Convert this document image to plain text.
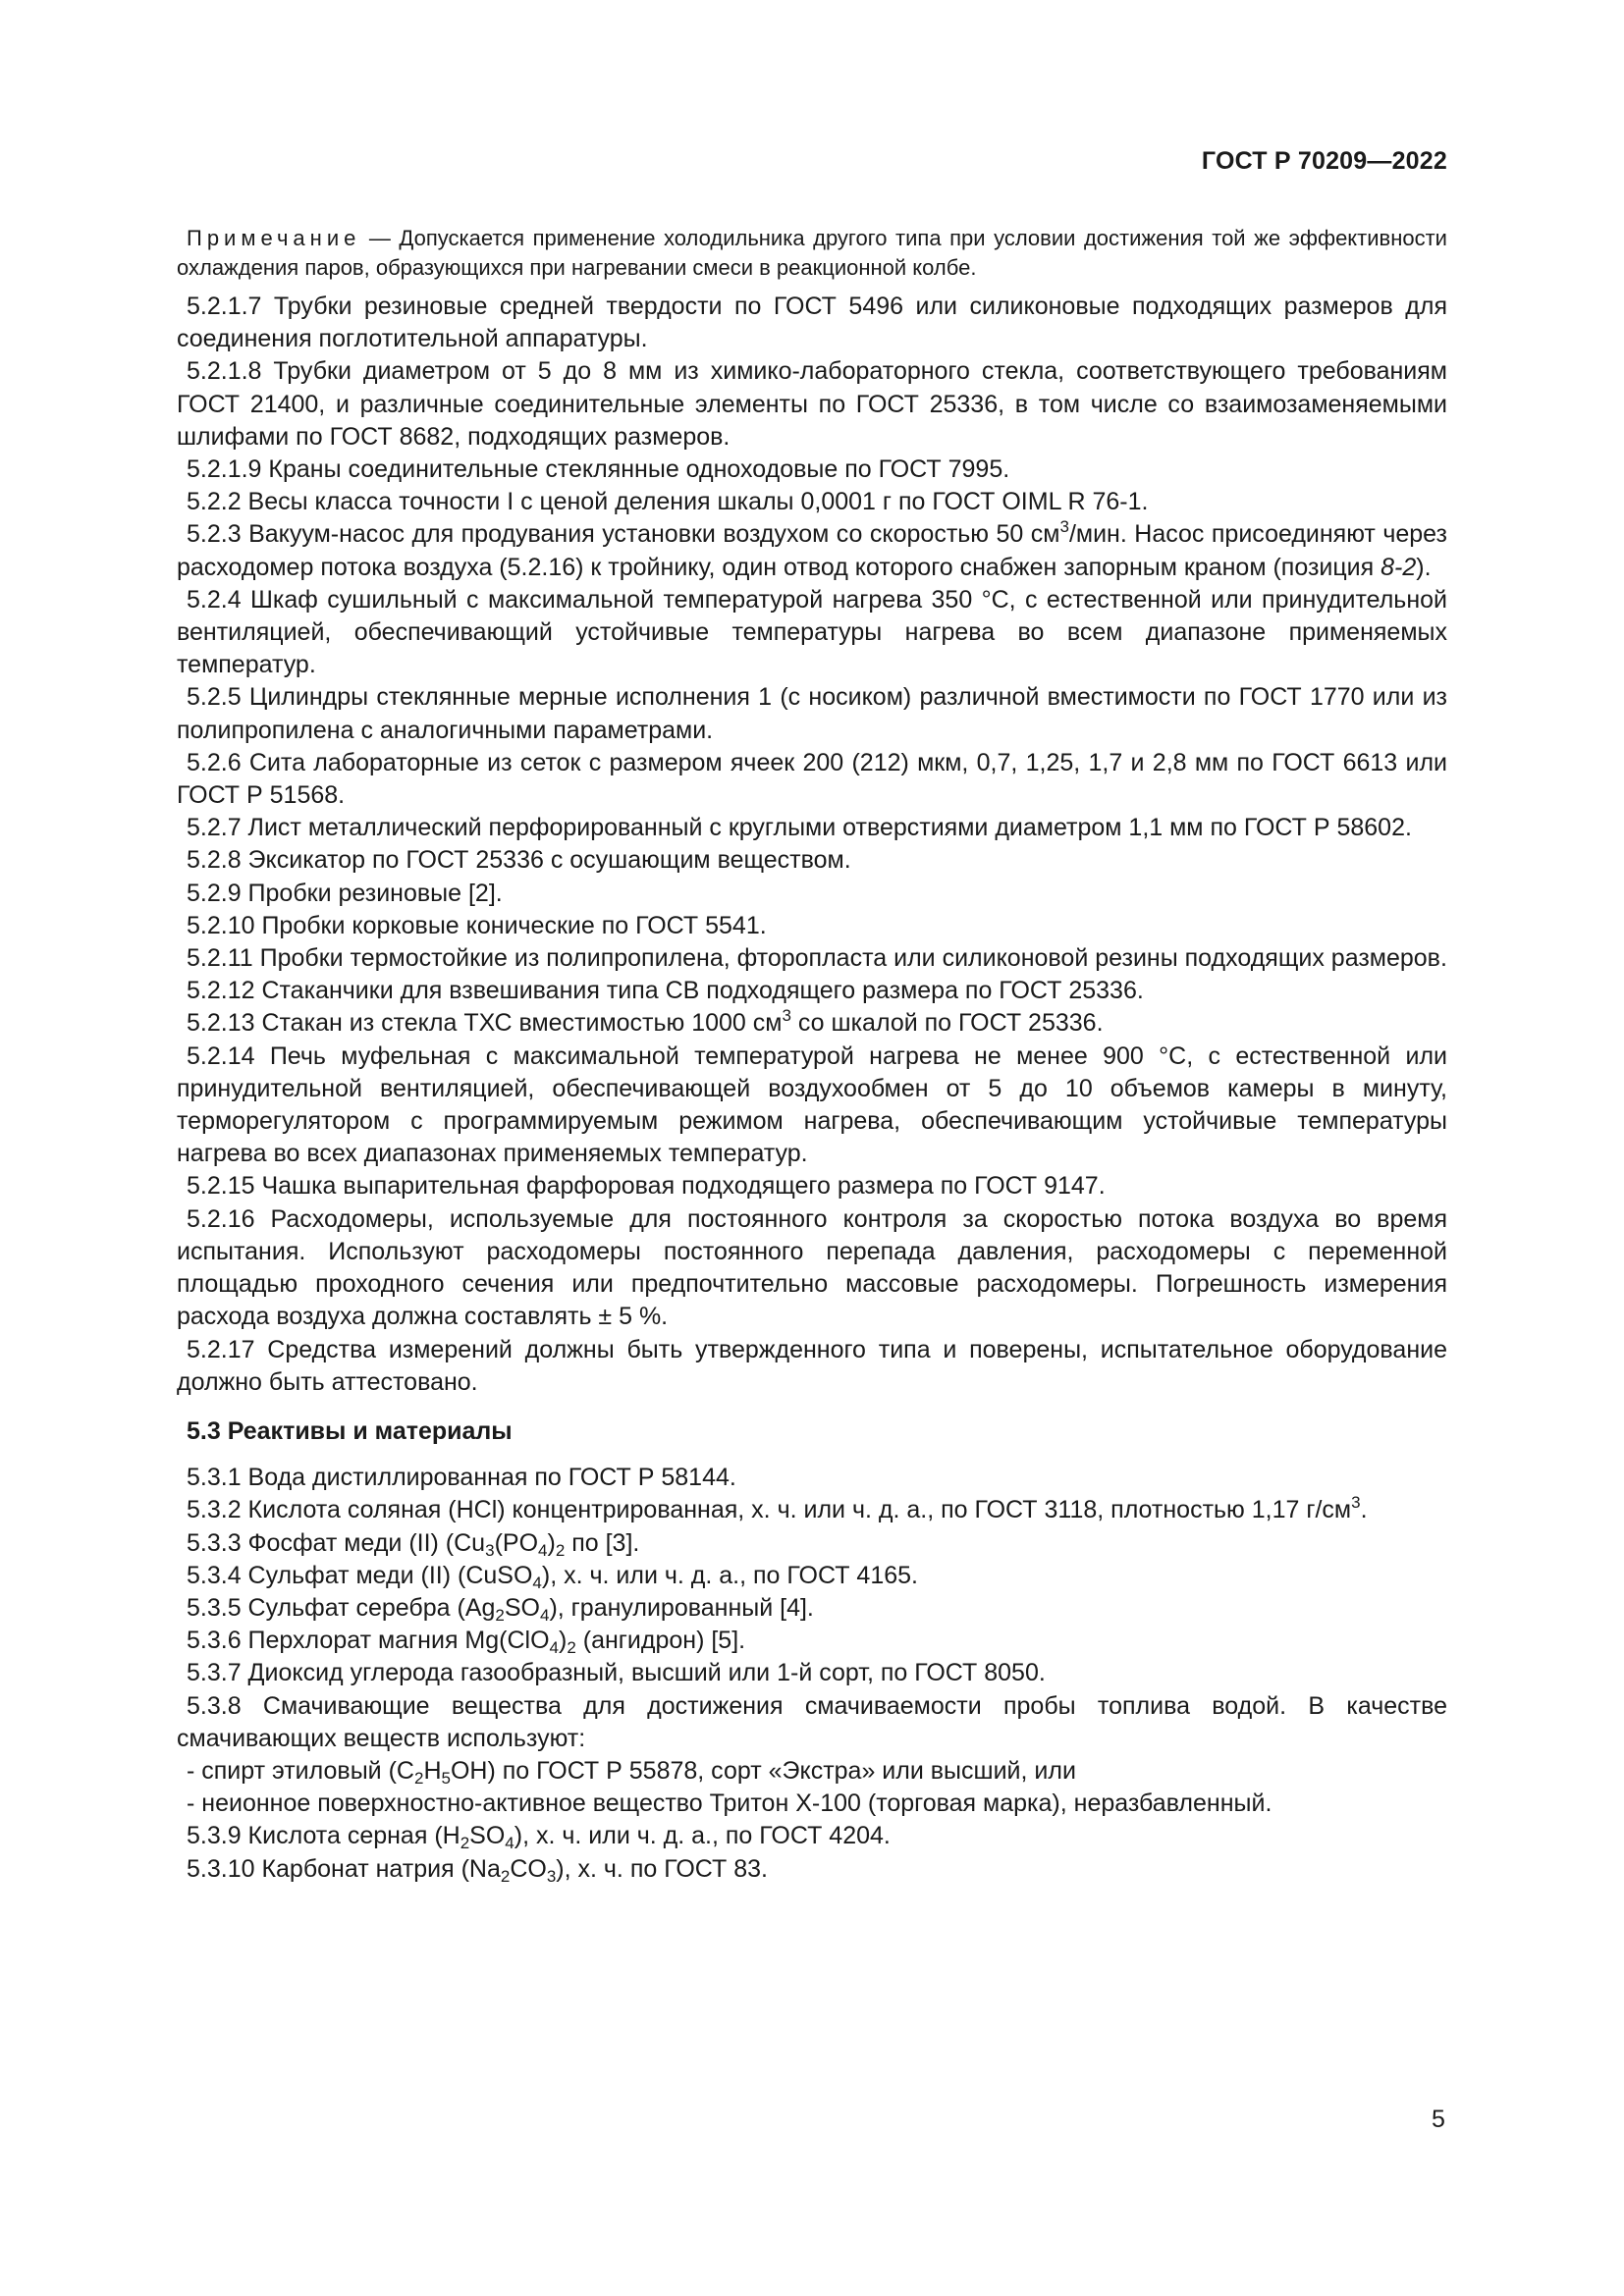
ГОСТ Р 70209—2022

Примечание — Допускается применение холодильника другого типа при условии достижения той же эффективности охлаждения паров, образующихся при нагревании смеси в реакционной колбе.

5.2.1.7 Трубки резиновые средней твердости по ГОСТ 5496 или силиконовые подходящих размеров для соединения поглотительной аппаратуры.

5.2.1.8 Трубки диаметром от 5 до 8 мм из химико-лабораторного стекла, соответствующего требованиям ГОСТ 21400, и различные соединительные элементы по ГОСТ 25336, в том числе со взаимозаменяемыми шлифами по ГОСТ 8682, подходящих размеров.

5.2.1.9 Краны соединительные стеклянные одноходовые по ГОСТ 7995.

5.2.2 Весы класса точности I с ценой деления шкалы 0,0001 г по ГОСТ OIML R 76-1.

5.2.3 Вакуум-насос для продувания установки воздухом со скоростью 50 $см^3$/мин. Насос присоединяют через расходомер потока воздуха (5.2.16) к тройнику, один отвод которого снабжен запорным краном (позиция 8-2).

5.2.4 Шкаф сушильный с максимальной температурой нагрева 350 °С, с естественной или принудительной вентиляцией, обеспечивающий устойчивые температуры нагрева во всем диапазоне применяемых температур.

5.2.5 Цилиндры стеклянные мерные исполнения 1 (с носиком) различной вместимости по ГОСТ 1770 или из полипропилена с аналогичными параметрами.

5.2.6 Сита лабораторные из сеток с размером ячеек 200 (212) мкм, 0,7, 1,25, 1,7 и 2,8 мм по ГОСТ 6613 или ГОСТ Р 51568.

5.2.7 Лист металлический перфорированный с круглыми отверстиями диаметром 1,1 мм по ГОСТ Р 58602.

5.2.8 Эксикатор по ГОСТ 25336 с осушающим веществом.

5.2.9 Пробки резиновые [2].

5.2.10 Пробки корковые конические по ГОСТ 5541.

5.2.11 Пробки термостойкие из полипропилена, фторопласта или силиконовой резины подходящих размеров.

5.2.12 Стаканчики для взвешивания типа СВ подходящего размера по ГОСТ 25336.

5.2.13 Стакан из стекла ТХС вместимостью 1000 $см^3$ со шкалой по ГОСТ 25336.

5.2.14 Печь муфельная с максимальной температурой нагрева не менее 900 °С, с естественной или принудительной вентиляцией, обеспечивающей воздухообмен от 5 до 10 объемов камеры в минуту, терморегулятором с программируемым режимом нагрева, обеспечивающим устойчивые температуры нагрева во всех диапазонах применяемых температур.

5.2.15 Чашка выпарительная фарфоровая подходящего размера по ГОСТ 9147.

5.2.16 Расходомеры, используемые для постоянного контроля за скоростью потока воздуха во время испытания. Используют расходомеры постоянного перепада давления, расходомеры с переменной площадью проходного сечения или предпочтительно массовые расходомеры. Погрешность измерения расхода воздуха должна составлять ± 5 %.

5.2.17 Средства измерений должны быть утвержденного типа и поверены, испытательное оборудование должно быть аттестовано.

5.3 Реактивы и материалы

5.3.1 Вода дистиллированная по ГОСТ Р 58144.

5.3.2 Кислота соляная (HCl) концентрированная, х. ч. или ч. д. а., по ГОСТ 3118, плотностью 1,17 $г/см^3$.

5.3.3 Фосфат меди (II) ($Cu_3(PO_4)_2$ по [3].

5.3.4 Сульфат меди (II) (CuSO$_4$), х. ч. или ч. д. а., по ГОСТ 4165.

5.3.5 Сульфат серебра $(Ag_2SO_4)$, гранулированный [4].

5.3.6 Перхлорат магния $Mg(ClO_4)_2$ (ангидрон) [5].

5.3.7 Диоксид углерода газообразный, высший или 1-й сорт, по ГОСТ 8050.

5.3.8 Смачивающие вещества для достижения смачиваемости пробы топлива водой. В качестве смачивающих веществ используют:

- спирт этиловый $(C_2H_5OH)$ по ГОСТ Р 55878, сорт «Экстра» или высший, или

- неионное поверхностно-активное вещество Тритон Х-100 (торговая марка), неразбавленный.

5.3.9 Кислота серная $(H_2SO_4)$, х. ч. или ч. д. а., по ГОСТ 4204.

5.3.10 Карбонат натрия $(Na_2CO_3)$, х. ч. по ГОСТ 83.

5
